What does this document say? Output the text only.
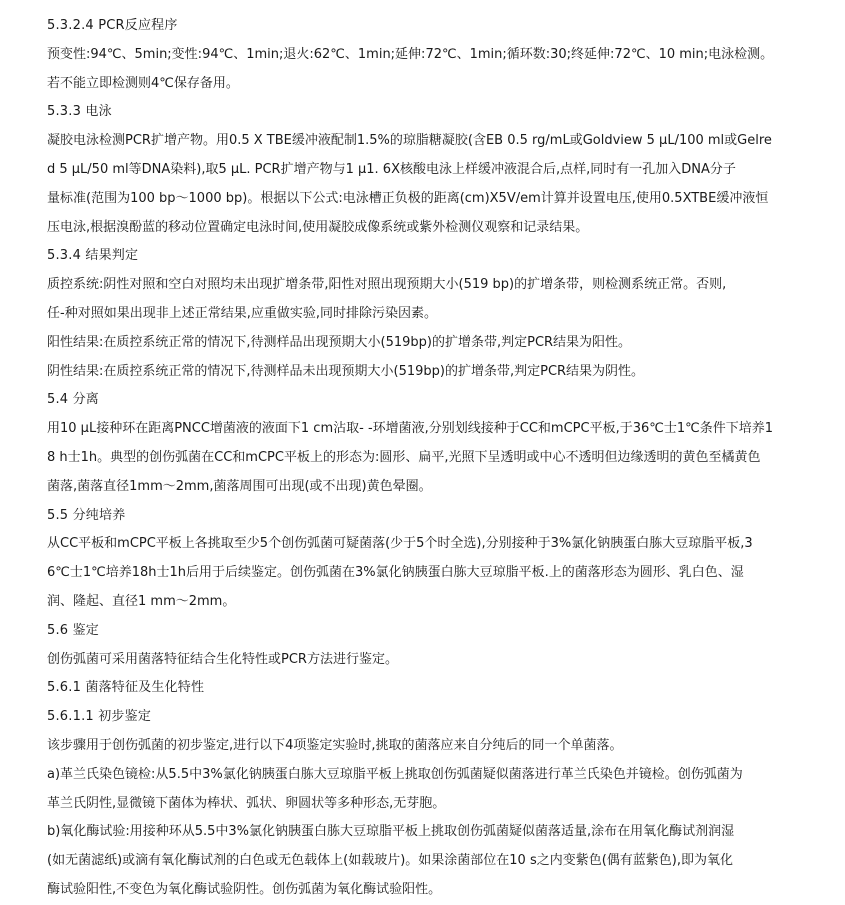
5.3.2.4 PCR反应程序
预变性:94℃、5min;变性:94℃、1min;退火:62℃、1min;延伸:72℃、1min;循环数:30;终延伸:72℃、10 min;电泳检测。
若不能立即检测则4℃保存备用。
5.3.3 电泳
凝胶电泳检测PCR扩增产物。用0.5 X TBE缓冲液配制1.5%的琼脂糖凝胶(含EB 0.5 rg/mL或Goldview 5 μL/100 ml或Gelre
d 5 μL/50 ml等DNA染料),取5 μL. PCR扩增产物与1 μ1. 6X核酸电泳上样缓冲液混合后,点样,同时有一孔加入DNA分子
量标准(范围为100 bp～1000 bp)。根据以下公式:电泳槽正负极的距离(cm)X5V/em计算并设置电压,使用0.5XTBE缓冲液恒
压电泳,根据溴酚蓝的移动位置确定电泳时间,使用凝胶成像系统或紫外检测仪观察和记录结果。
5.3.4 结果判定
质控系统:阴性对照和空白对照均未出现扩增条带,阳性对照出现预期大小(519 bp)的扩增条带，则检测系统正常。否则,
任-种对照如果出现非上述正常结果,应重做实验,同时排除污染因素。
阳性结果:在质控系统正常的情况下,待测样品出现预期大小(519bp)的扩增条带,判定PCR结果为阳性。
阴性结果:在质控系统正常的情况下,待测样品未出现预期大小(519bp)的扩增条带,判定PCR结果为阴性。
5.4 分离
用10 μL接种环在距离PNCC增菌液的液面下1 cm沾取- -环增菌液,分别划线接种于CC和mCPC平板,于36℃士1℃条件下培养1
8 h士1h。典型的创伤弧菌在CC和mCPC平板上的形态为:圆形、扁平,光照下呈透明或中心不透明但边缘透明的黄色至橘黄色
菌落,菌落直径1mm～2mm,菌落周围可出现(或不出现)黄色晕圈。
5.5 分纯培养
从CC平板和mCPC平板上各挑取至少5个创伤弧菌可疑菌落(少于5个时全选),分别接种于3%氯化钠胰蛋白胨大豆琼脂平板,3
6℃士1℃培养18h士1h后用于后续鉴定。创伤弧菌在3%氯化钠胰蛋白胨大豆琼脂平板.上的菌落形态为圆形、乳白色、湿
润、隆起、直径1 mm～2mm。
5.6 鉴定
创伤弧菌可采用菌落特征结合生化特性或PCR方法进行鉴定。
5.6.1 菌落特征及生化特性
5.6.1.1 初步鉴定
该步骤用于创伤弧菌的初步鉴定,进行以下4项鉴定实验时,挑取的菌落应来自分纯后的同一个单菌落。
a)革兰氏染色镜检:从5.5中3%氯化钠胰蛋白胨大豆琼脂平板上挑取创伤弧菌疑似菌落进行革兰氏染色并镜检。创伤弧菌为
革兰氏阴性,显微镜下菌体为棒状、弧状、卵圆状等多种形态,无芽胞。
b)氧化酶试验:用接种环从5.5中3%氯化钠胰蛋白胨大豆琼脂平板上挑取创伤弧菌疑似菌落适量,涂布在用氧化酶试剂润湿
(如无菌滤纸)或滴有氧化酶试剂的白色或无色载体上(如载玻片)。如果涂菌部位在10 s之内变紫色(偶有蓝紫色),即为氧化
酶试验阳性,不变色为氧化酶试验阴性。创伤弧菌为氧化酶试验阳性。
